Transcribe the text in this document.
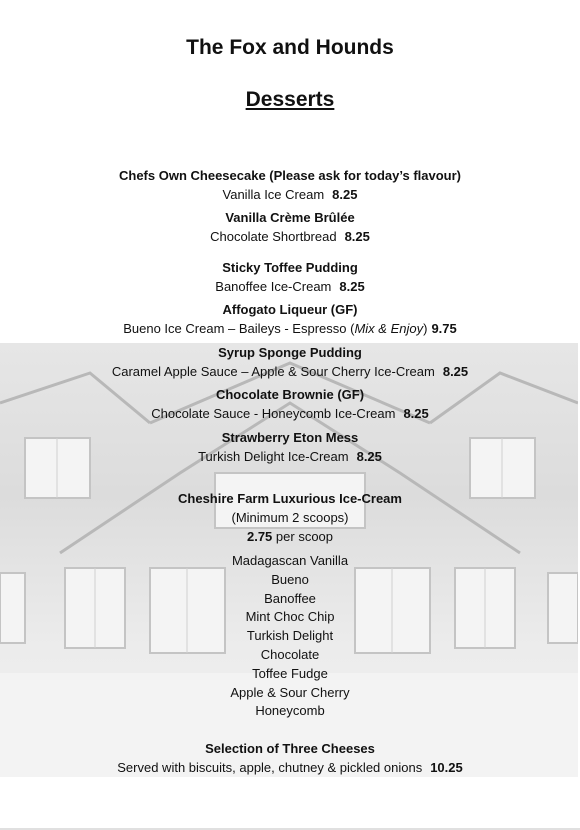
The Fox and Hounds
Desserts
Chefs Own Cheesecake (Please ask for today’s flavour)
Vanilla Ice Cream 8.25
Vanilla Crème Brûlée
Chocolate Shortbread 8.25
Sticky Toffee Pudding
Banoffee Ice-Cream 8.25
Affogato Liqueur (GF)
Bueno Ice Cream – Baileys - Espresso (Mix & Enjoy) 9.75
Syrup Sponge Pudding
Caramel Apple Sauce – Apple & Sour Cherry Ice-Cream 8.25
Chocolate Brownie (GF)
Chocolate Sauce - Honeycomb Ice-Cream 8.25
Strawberry Eton Mess
Turkish Delight Ice-Cream 8.25
Cheshire Farm Luxurious Ice-Cream
(Minimum 2 scoops)
2.75 per scoop
Madagascan Vanilla
Bueno
Banoffee
Mint Choc Chip
Turkish Delight
Chocolate
Toffee Fudge
Apple & Sour Cherry
Honeycomb
Selection of Three Cheeses
Served with biscuits, apple, chutney & pickled onions 10.25
